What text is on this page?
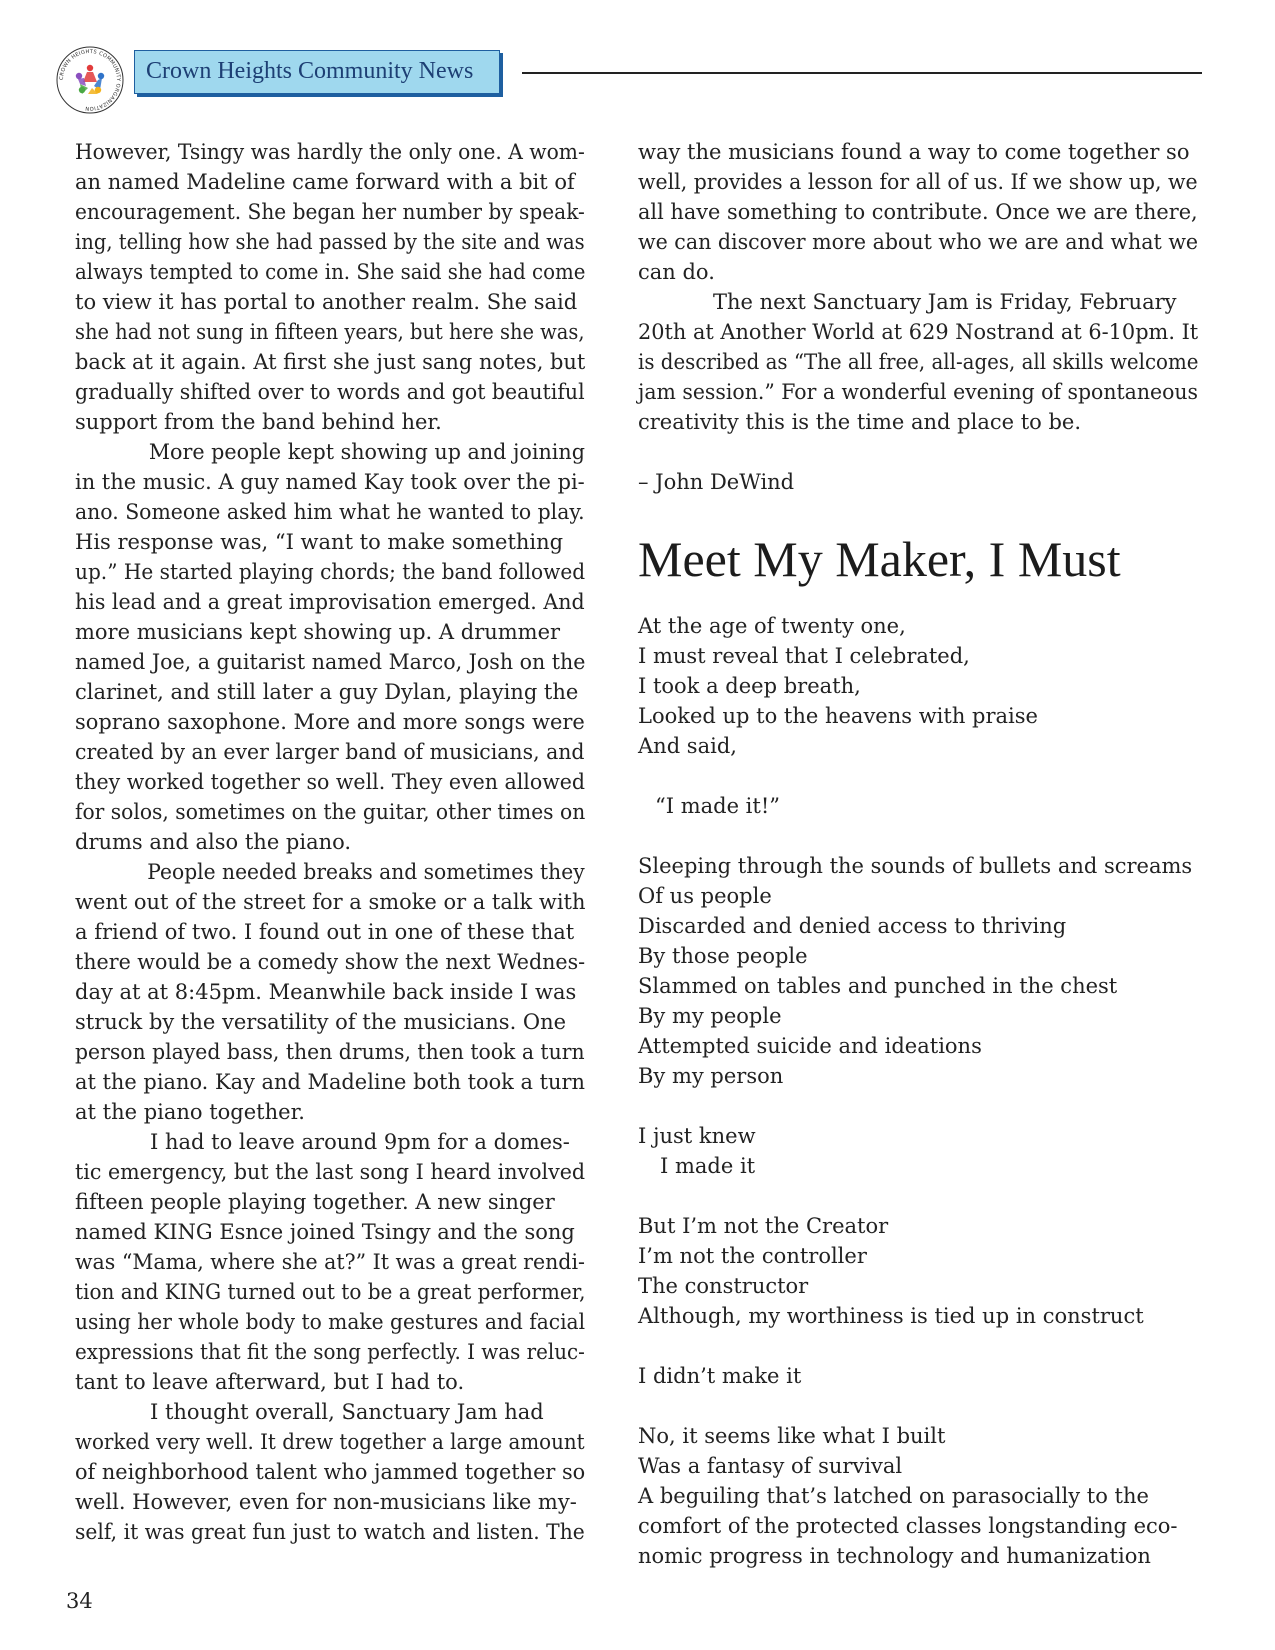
CROWN HEIGHTS COMMUNITY ORGANIZATION
Crown Heights Community News
However, Tsingy was hardly the only one. A wom-
an named Madeline came forward with a bit of
encouragement. She began her number by speak-
ing, telling how she had passed by the site and was
always tempted to come in. She said she had come
to view it has portal to another realm. She said
she had not sung in fifteen years, but here she was,
back at it again. At first she just sang notes, but
gradually shifted over to words and got beautiful
support from the band behind her.
More people kept showing up and joining
in the music. A guy named Kay took over the pi-
ano. Someone asked him what he wanted to play.
His response was, “I want to make something
up.” He started playing chords; the band followed
his lead and a great improvisation emerged. And
more musicians kept showing up. A drummer
named Joe, a guitarist named Marco, Josh on the
clarinet, and still later a guy Dylan, playing the
soprano saxophone. More and more songs were
created by an ever larger band of musicians, and
they worked together so well. They even allowed
for solos, sometimes on the guitar, other times on
drums and also the piano.
People needed breaks and sometimes they
went out of the street for a smoke or a talk with
a friend of two. I found out in one of these that
there would be a comedy show the next Wednes-
day at at 8:45pm. Meanwhile back inside I was
struck by the versatility of the musicians. One
person played bass, then drums, then took a turn
at the piano. Kay and Madeline both took a turn
at the piano together.
I had to leave around 9pm for a domes-
tic emergency, but the last song I heard involved
fifteen people playing together. A new singer
named KING Esnce joined Tsingy and the song
was “Mama, where she at?” It was a great rendi-
tion and KING turned out to be a great performer,
using her whole body to make gestures and facial
expressions that fit the song perfectly. I was reluc-
tant to leave afterward, but I had to.
I thought overall, Sanctuary Jam had
worked very well. It drew together a large amount
of neighborhood talent who jammed together so
well. However, even for non-musicians like my-
self, it was great fun just to watch and listen. The
way the musicians found a way to come together so
well, provides a lesson for all of us. If we show up, we
all have something to contribute. Once we are there,
we can discover more about who we are and what we
can do.
The next Sanctuary Jam is Friday, February
20th at Another World at 629 Nostrand at 6-10pm. It
is described as “The all free, all-ages, all skills welcome
jam session.” For a wonderful evening of spontaneous
creativity this is the time and place to be.
– John DeWind
Meet My Maker, I Must
At the age of twenty one,
I must reveal that I celebrated,
I took a deep breath,
Looked up to the heavens with praise
And said,
“I made it!”
Sleeping through the sounds of bullets and screams
Of us people
Discarded and denied access to thriving
By those people
Slammed on tables and punched in the chest
By my people
Attempted suicide and ideations
By my person
I just knew
I made it
But I’m not the Creator
I’m not the controller
The constructor
Although, my worthiness is tied up in construct
I didn’t make it
No, it seems like what I built
Was a fantasy of survival
A beguiling that’s latched on parasocially to the
comfort of the protected classes longstanding eco-
nomic progress in technology and humanization
34
